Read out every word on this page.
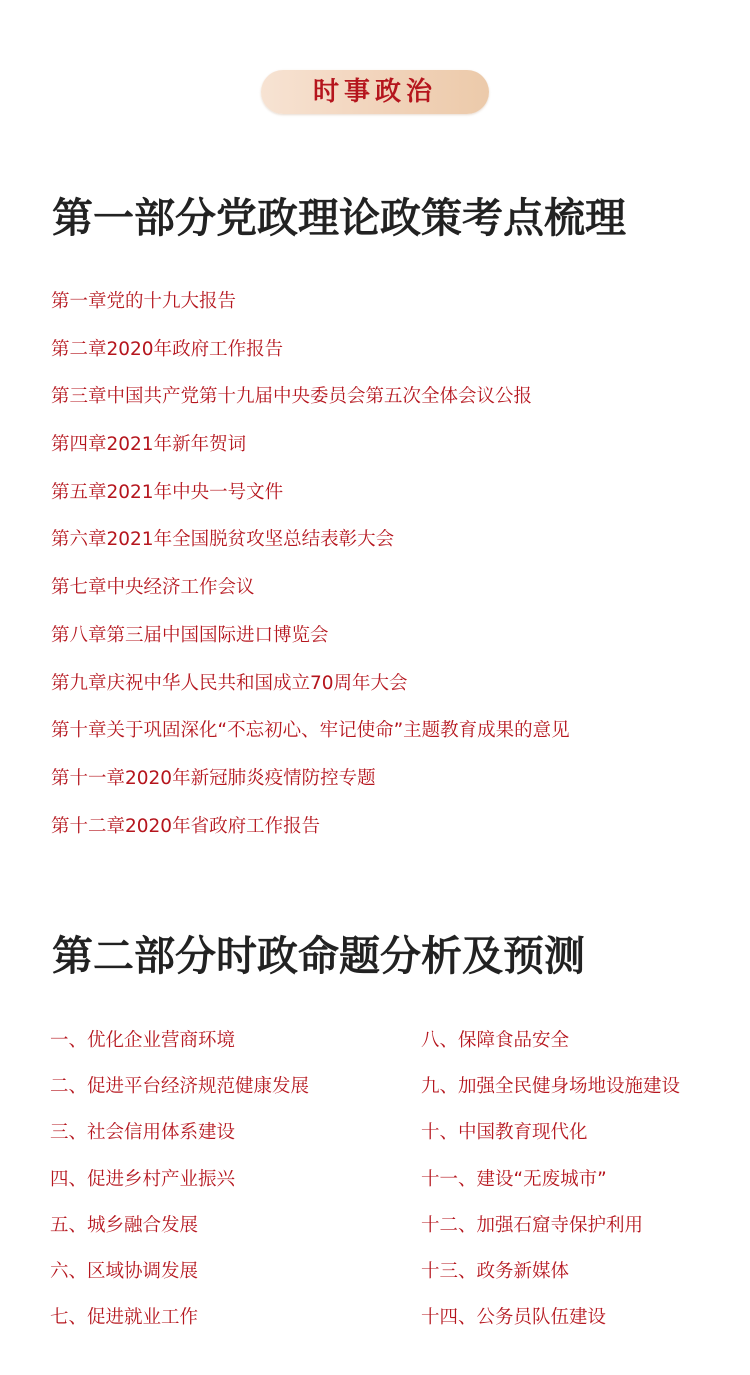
时事政治
第一部分党政理论政策考点梳理
第一章党的十九大报告
第二章2020年政府工作报告
第三章中国共产党第十九届中央委员会第五次全体会议公报
第四章2021年新年贺词
第五章2021年中央一号文件
第六章2021年全国脱贫攻坚总结表彰大会
第七章中央经济工作会议
第八章第三届中国国际进口博览会
第九章庆祝中华人民共和国成立70周年大会
第十章关于巩固深化“不忘初心、牢记使命”主题教育成果的意见
第十一章2020年新冠肺炎疫情防控专题
第十二章2020年省政府工作报告
第二部分时政命题分析及预测
一、优化企业营商环境
二、促进平台经济规范健康发展
三、社会信用体系建设
四、促进乡村产业振兴
五、城乡融合发展
六、区域协调发展
七、促进就业工作
八、保障食品安全
九、加强全民健身场地设施建设
十、中国教育现代化
十一、建设“无废城市”
十二、加强石窟寺保护利用
十三、政务新媒体
十四、公务员队伍建设
